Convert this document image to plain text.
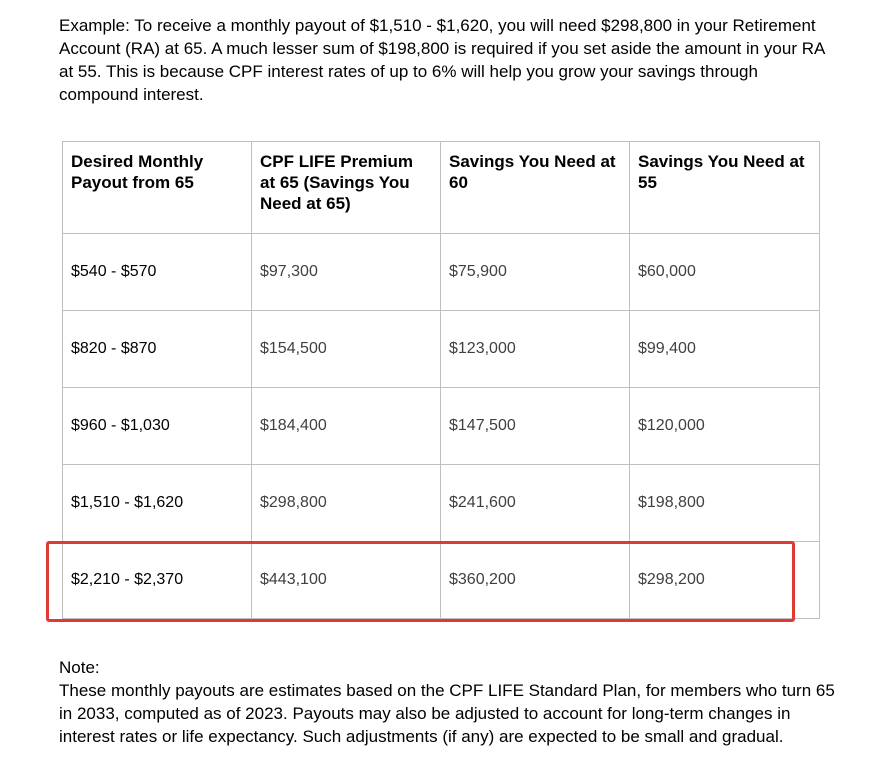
Example: To receive a monthly payout of $1,510 - $1,620, you will need $298,800 in your Retirement Account (RA) at 65. A much lesser sum of $198,800 is required if you set aside the amount in your RA at 55. This is because CPF interest rates of up to 6% will help you grow your savings through compound interest.

Desired Monthly Payout from 65	CPF LIFE Premium at 65 (Savings You Need at 65)	Savings You Need at 60	Savings You Need at 55
$540 - $570	$97,300	$75,900	$60,000
$820 - $870	$154,500	$123,000	$99,400
$960 - $1,030	$184,400	$147,500	$120,000
$1,510 - $1,620	$298,800	$241,600	$198,800
$2,210 - $2,370	$443,100	$360,200	$298,200
Note:
These monthly payouts are estimates based on the CPF LIFE Standard Plan, for members who turn 65 in 2033, computed as of 2023. Payouts may also be adjusted to account for long-term changes in interest rates or life expectancy. Such adjustments (if any) are expected to be small and gradual.
